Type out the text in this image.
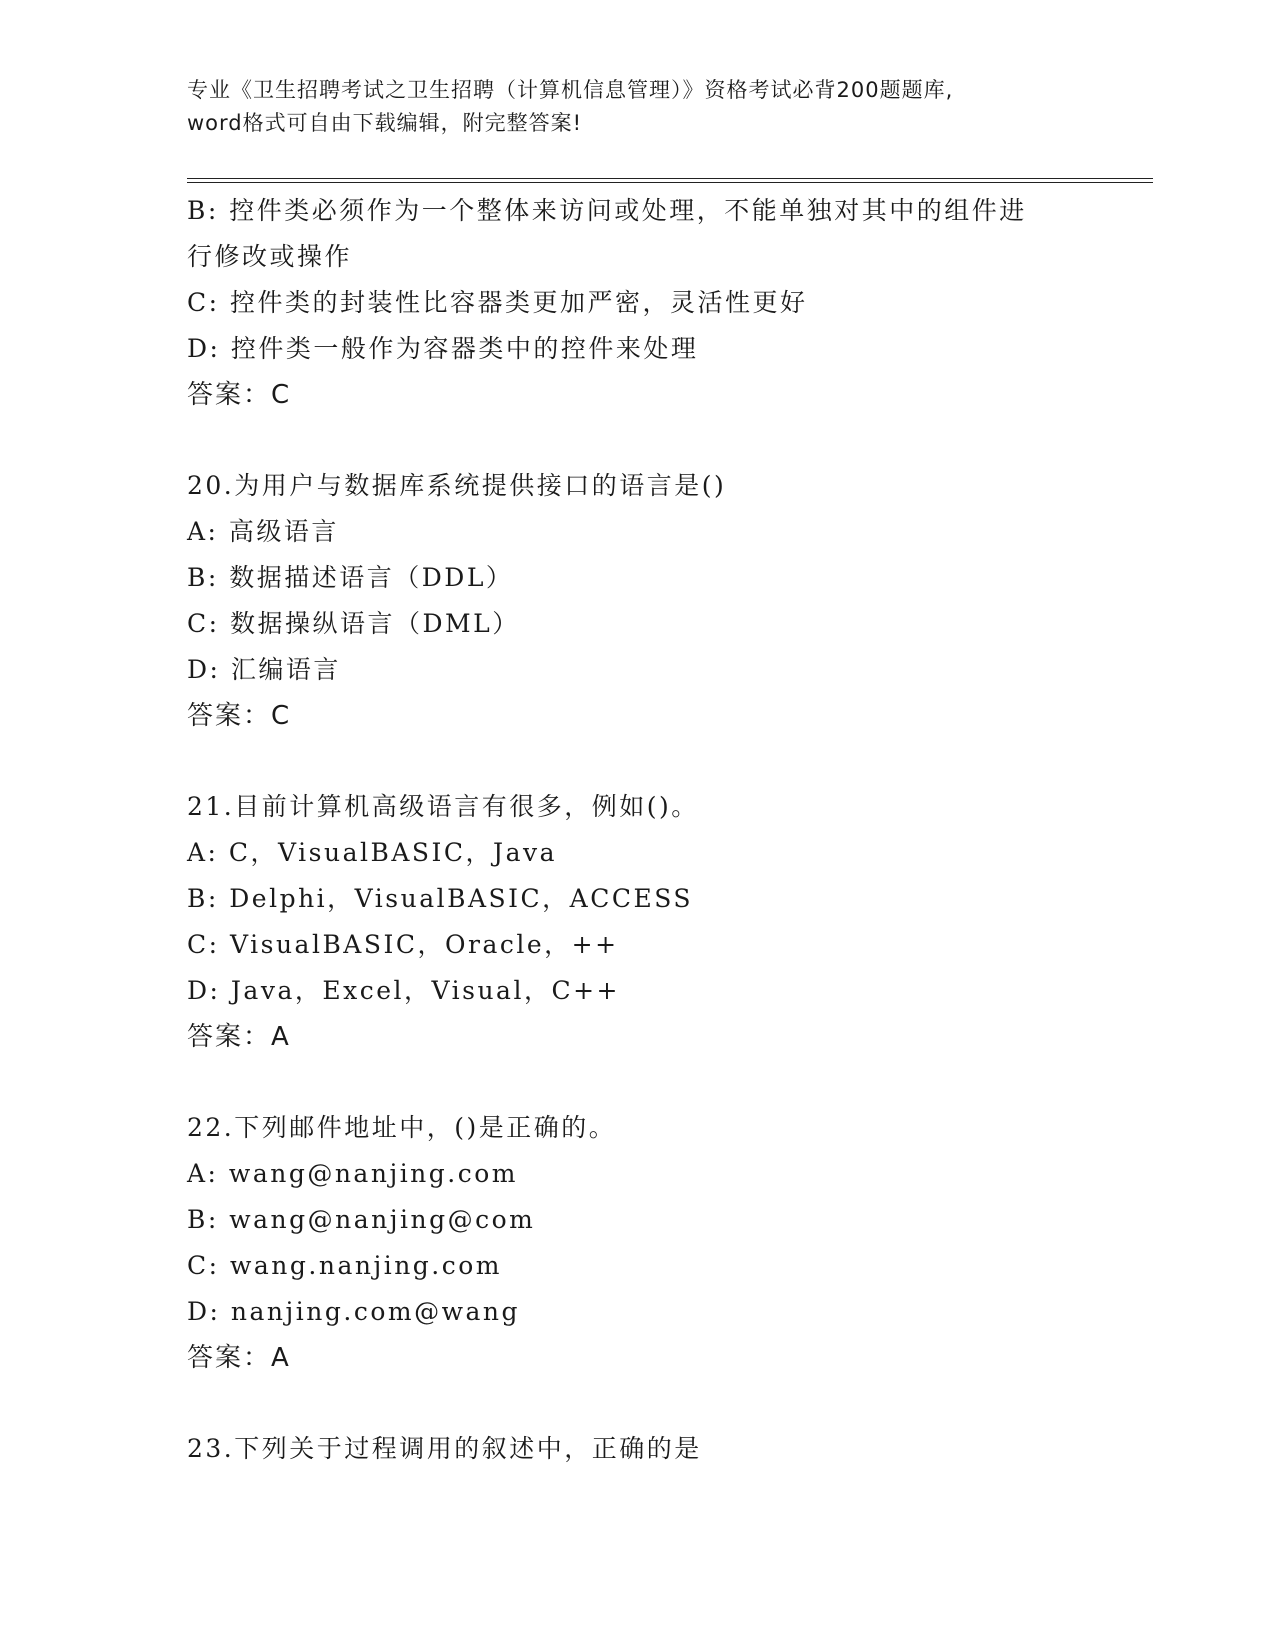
专业《卫生招聘考试之卫生招聘（计算机信息管理）》资格考试必背200题题库,
word格式可自由下载编辑，附完整答案!
B: 控件类必须作为一个整体来访问或处理，不能单独对其中的组件进
行修改或操作
C: 控件类的封装性比容器类更加严密，灵活性更好
D: 控件类一般作为容器类中的控件来处理
答案：C
20.为用户与数据库系统提供接口的语言是()
A: 高级语言
B: 数据描述语言（DDL）
C: 数据操纵语言（DML）
D: 汇编语言
答案：C
21.目前计算机高级语言有很多，例如()。
A: C，VisualBASIC，Java
B: Delphi，VisualBASIC，ACCESS
C: VisualBASIC，Oracle，++
D: Java，Excel，Visual，C++
答案：A
22.下列邮件地址中，()是正确的。
A: wang@nanjing.com
B: wang@nanjing@com
C: wang.nanjing.com
D: nanjing.com@wang
答案：A
23.下列关于过程调用的叙述中，正确的是
